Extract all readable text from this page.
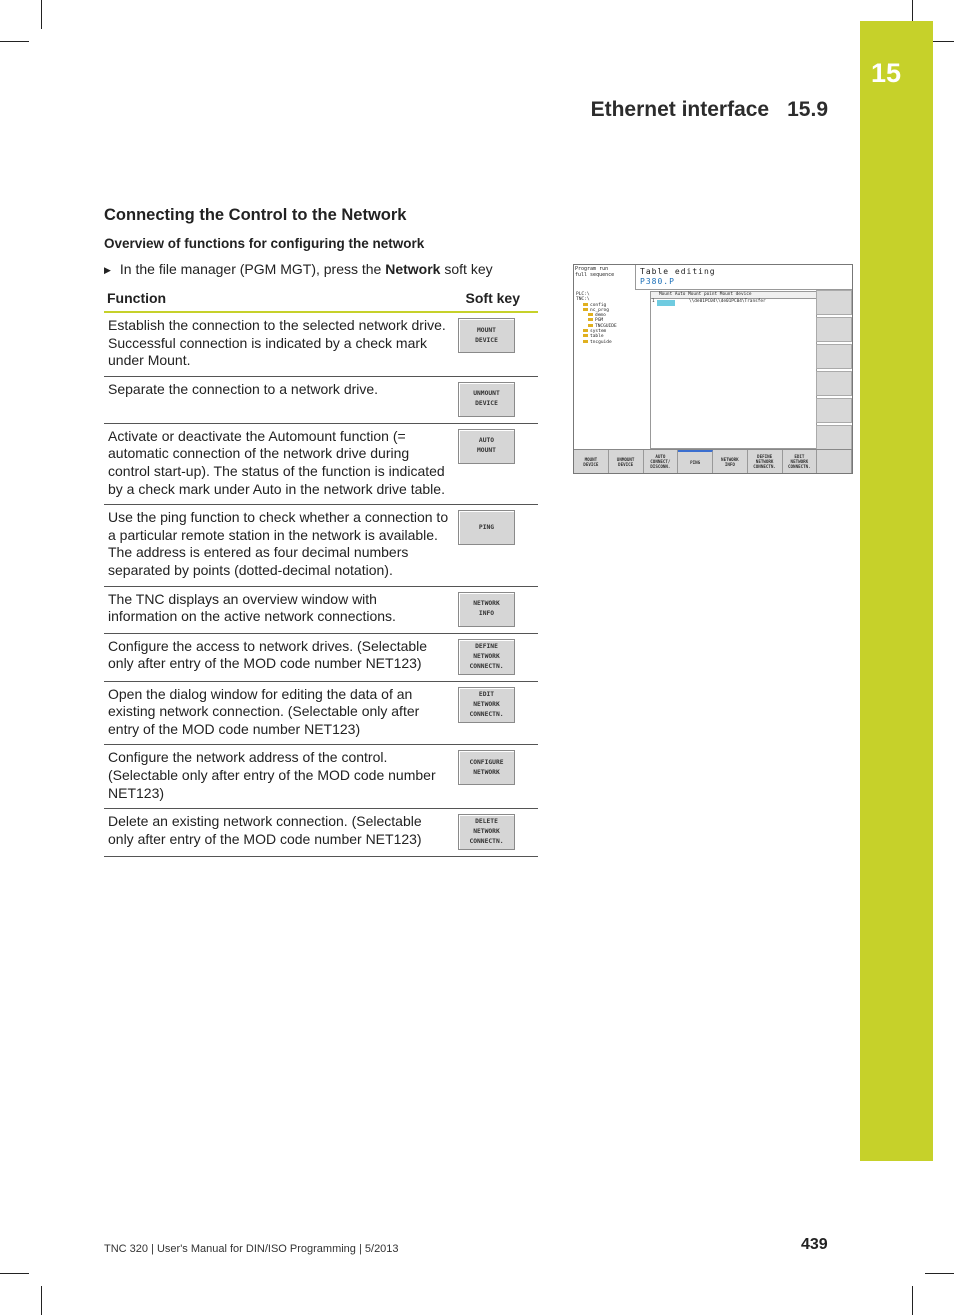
15
Ethernet interface 15.9
Connecting the Control to the Network
Overview of functions for configuring the network
▶ In the file manager (PGM MGT), press the Network soft key
Function	Soft key
Establish the connection to the selected network drive. Successful connection is indicated by a check mark under Mount.	MOUNT
DEVICE

Separate the connection to a network drive.	UNMOUNT
DEVICE

Activate or deactivate the Automount function (= automatic connection of the network drive during control start-up). The status of the function is indicated by a check mark under Auto in the network drive table.	AUTO
MOUNT

Use the ping function to check whether a connection to a particular remote station in the network is available. The address is entered as four decimal numbers separated by points (dotted-decimal notation).	PING

The TNC displays an overview window with information on the active network connections.	NETWORK
INFO

Configure the access to network drives. (Selectable only after entry of the MOD code number NET123)	DEFINE
NETWORK
CONNECTN.

Open the dialog window for editing the data of an existing network connection. (Selectable only after entry of the MOD code number NET123)	EDIT
NETWORK
CONNECTN.

Configure the network address of the control. (Selectable only after entry of the MOD code number NET123)	CONFIGURE
NETWORK

Delete an existing network connection. (Selectable only after entry of the MOD code number NET123)	DELETE
NETWORK
CONNECTN.
Program run
full sequence	Table editing
P380.P
PLC:\
TNC:\
config
nc_prog
demo
PGM
TNCGUIDE
system
table
tncguide
Mount Auto Mount point Mount device
1	\\de01PC04\\de01PC04\Transfer
MOUNT
DEVICE
UNMOUNT
DEVICE
AUTO
CONNECT/
DISCONN.
PING
NETWORK
INFO
DEFINE
NETWORK
CONNECTN.
EDIT
NETWORK
CONNECTN.
TNC 320 | User's Manual for DIN/ISO Programming | 5/2013	439
